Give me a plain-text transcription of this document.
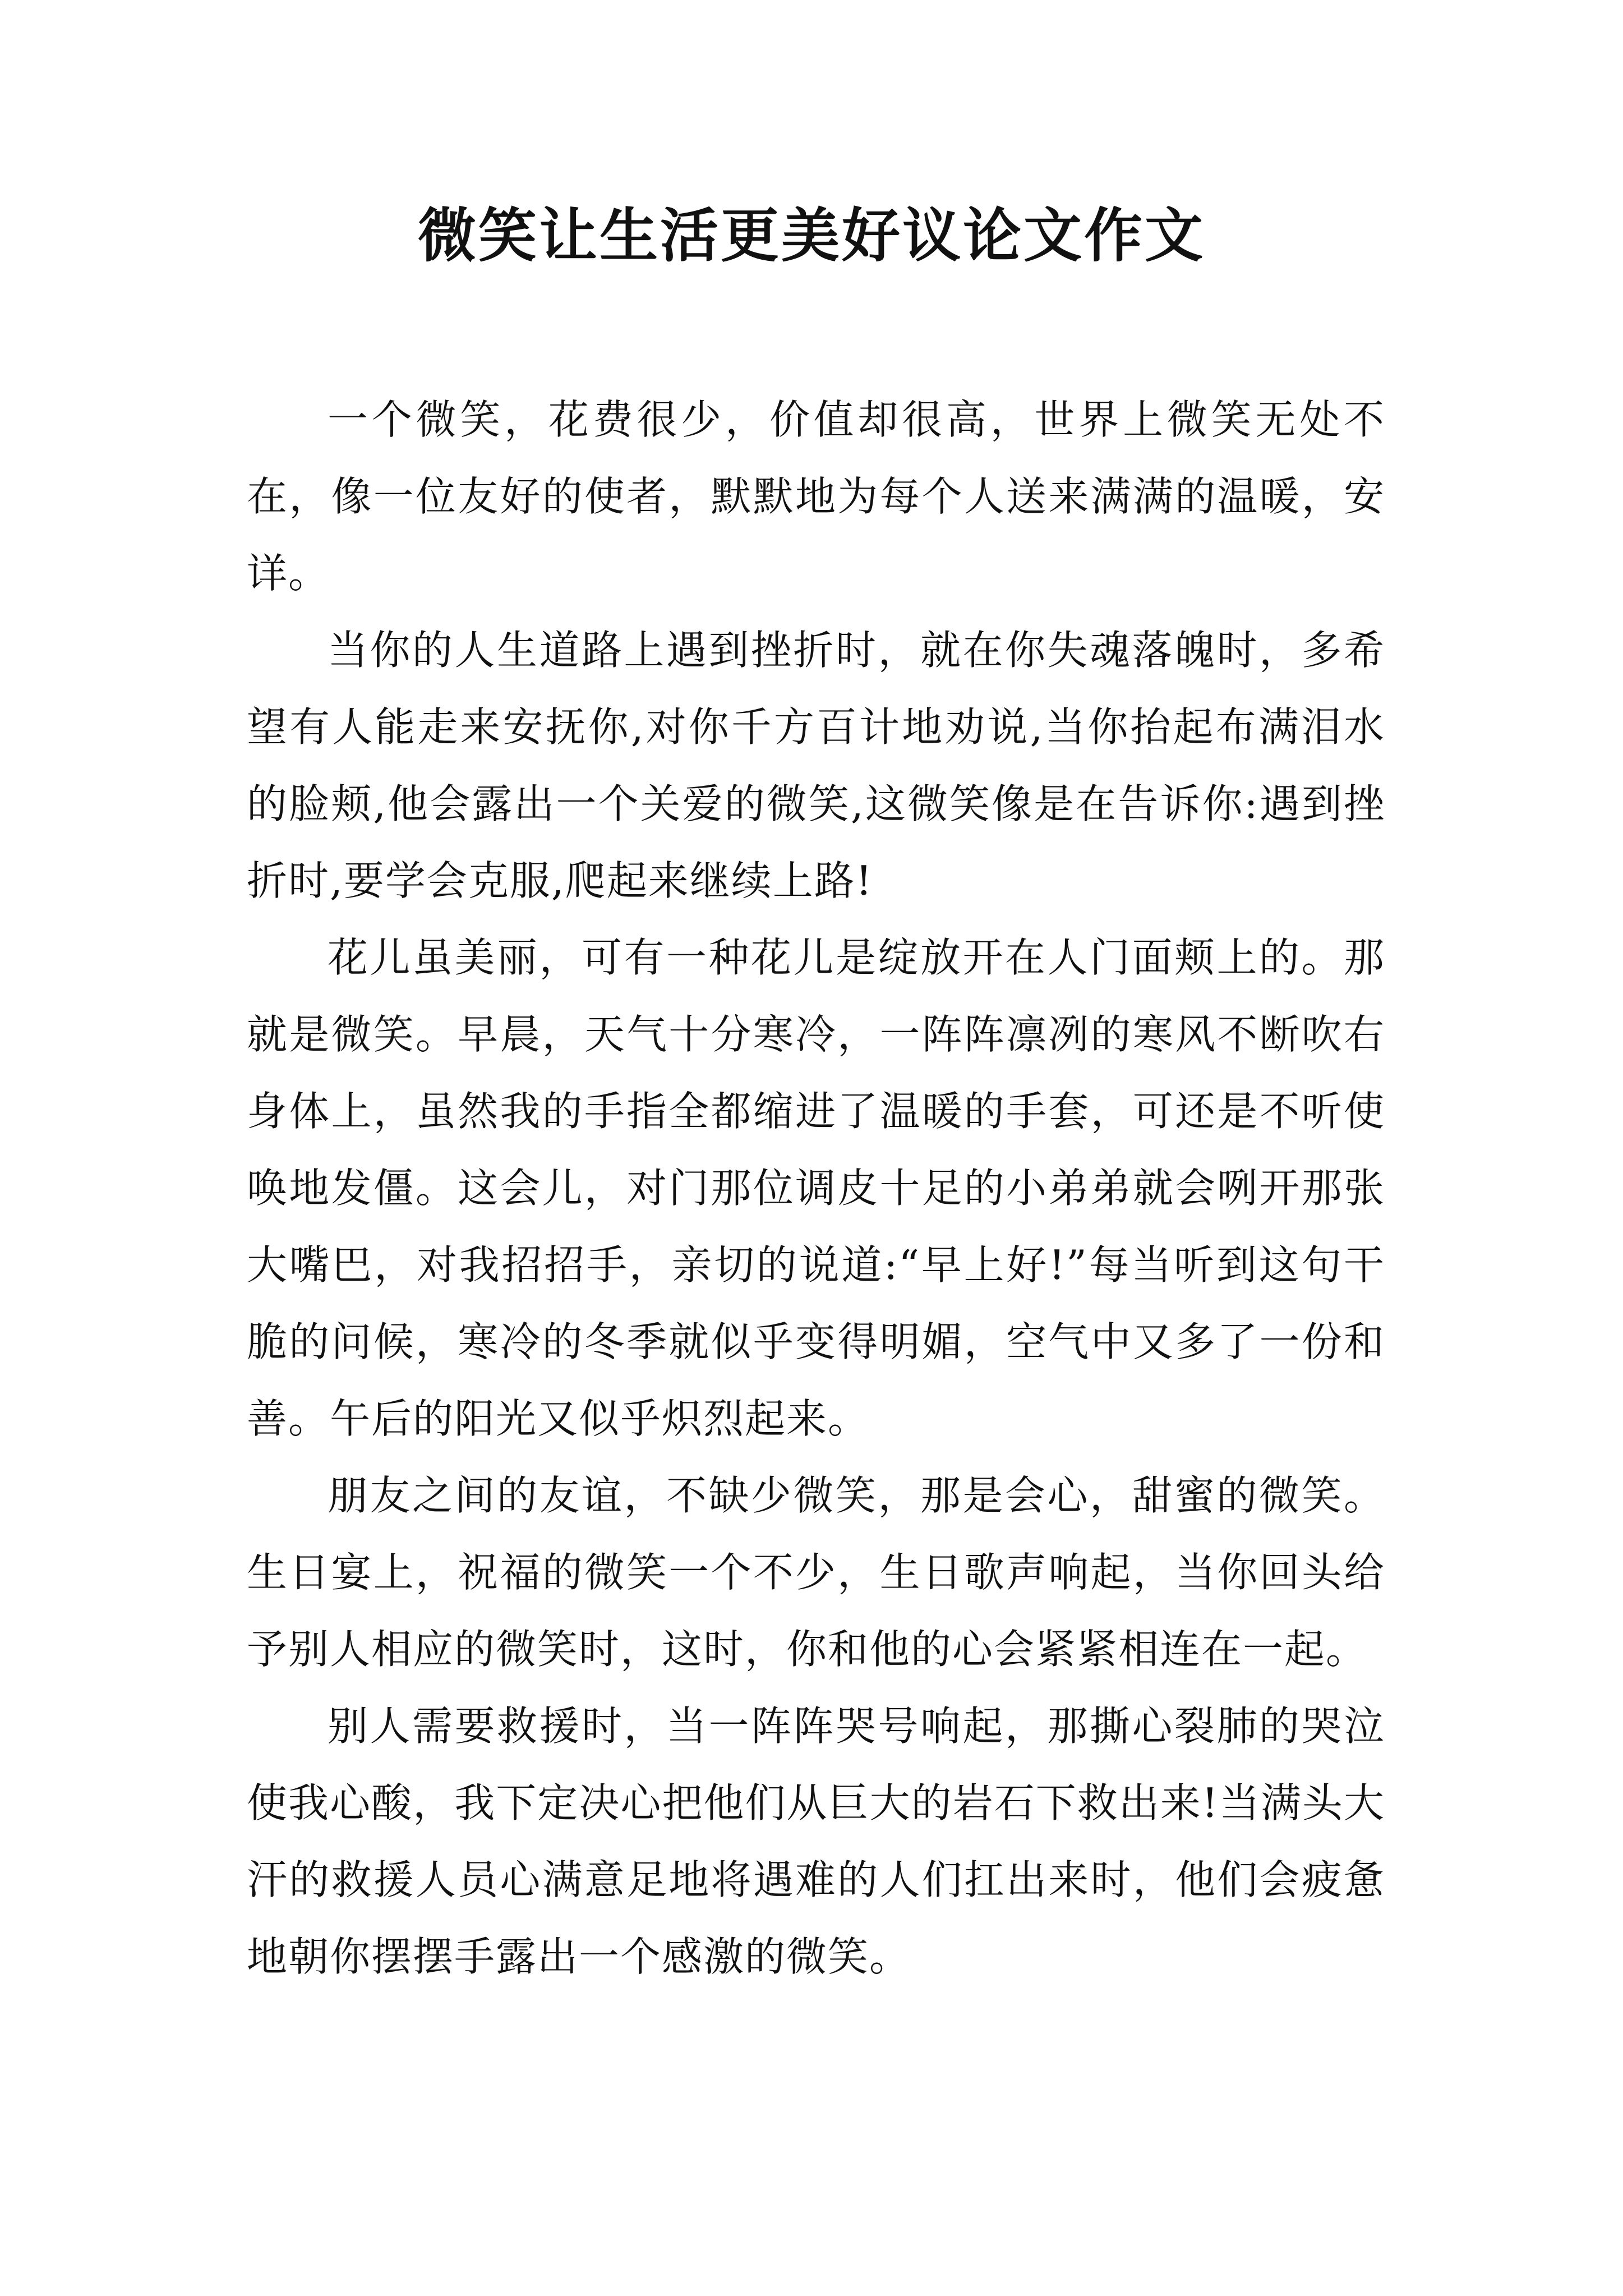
微笑让生活更美好议论文作文

一个微笑，花费很少，价值却很高，世界上微笑无处不在，像一位友好的使者，默默地为每个人送来满满的温暖，安详。

当你的人生道路上遇到挫折时，就在你失魂落魄时，多希望有人能走来安抚你,对你千方百计地劝说,当你抬起布满泪水的脸颊,他会露出一个关爱的微笑,这微笑像是在告诉你:遇到挫折时,要学会克服,爬起来继续上路!

花儿虽美丽，可有一种花儿是绽放开在人门面颊上的。那就是微笑。早晨，天气十分寒冷，一阵阵凛冽的寒风不断吹右身体上，虽然我的手指全都缩进了温暖的手套，可还是不听使唤地发僵。这会儿，对门那位调皮十足的小弟弟就会咧开那张大嘴巴，对我招招手，亲切的说道:“早上好!”每当听到这句干脆的问候，寒冷的冬季就似乎变得明媚，空气中又多了一份和善。午后的阳光又似乎炽烈起来。

朋友之间的友谊，不缺少微笑，那是会心，甜蜜的微笑。生日宴上，祝福的微笑一个不少，生日歌声响起，当你回头给予别人相应的微笑时，这时，你和他的心会紧紧相连在一起。

别人需要救援时，当一阵阵哭号响起，那撕心裂肺的哭泣使我心酸，我下定决心把他们从巨大的岩石下救出来!当满头大汗的救援人员心满意足地将遇难的人们扛出来时，他们会疲惫地朝你摆摆手露出一个感激的微笑。
